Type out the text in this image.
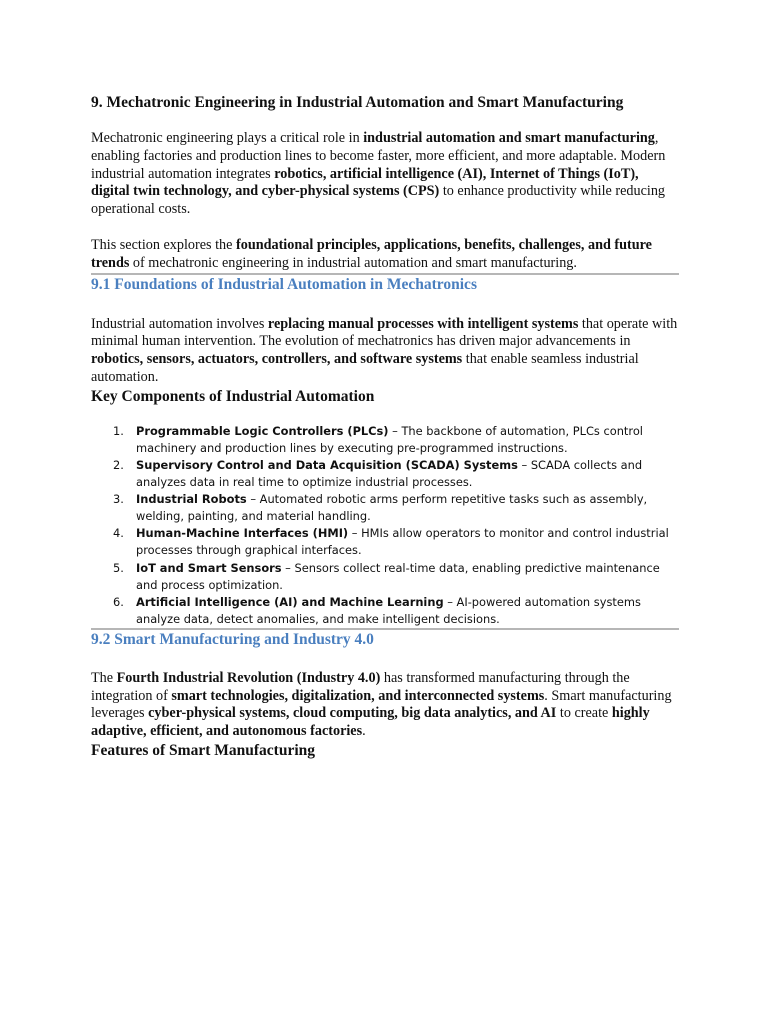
9. Mechatronic Engineering in Industrial Automation and Smart Manufacturing

Mechatronic engineering plays a critical role in industrial automation and smart manufacturing, enabling factories and production lines to become faster, more efficient, and more adaptable. Modern industrial automation integrates robotics, artificial intelligence (AI), Internet of Things (IoT), digital twin technology, and cyber-physical systems (CPS) to enhance productivity while reducing operational costs.

This section explores the foundational principles, applications, benefits, challenges, and future trends of mechatronic engineering in industrial automation and smart manufacturing.

9.1 Foundations of Industrial Automation in Mechatronics

Industrial automation involves replacing manual processes with intelligent systems that operate with minimal human intervention. The evolution of mechatronics has driven major advancements in robotics, sensors, actuators, controllers, and software systems that enable seamless industrial automation.

Key Components of Industrial Automation
1. Programmable Logic Controllers (PLCs) – The backbone of automation, PLCs control machinery and production lines by executing pre-programmed instructions.
2. Supervisory Control and Data Acquisition (SCADA) Systems – SCADA collects and analyzes data in real time to optimize industrial processes.
3. Industrial Robots – Automated robotic arms perform repetitive tasks such as assembly, welding, painting, and material handling.
4. Human-Machine Interfaces (HMI) – HMIs allow operators to monitor and control industrial processes through graphical interfaces.
5. IoT and Smart Sensors – Sensors collect real-time data, enabling predictive maintenance and process optimization.
6. Artificial Intelligence (AI) and Machine Learning – AI-powered automation systems analyze data, detect anomalies, and make intelligent decisions.
9.2 Smart Manufacturing and Industry 4.0

The Fourth Industrial Revolution (Industry 4.0) has transformed manufacturing through the integration of smart technologies, digitalization, and interconnected systems. Smart manufacturing leverages cyber-physical systems, cloud computing, big data analytics, and AI to create highly adaptive, efficient, and autonomous factories.

Features of Smart Manufacturing
